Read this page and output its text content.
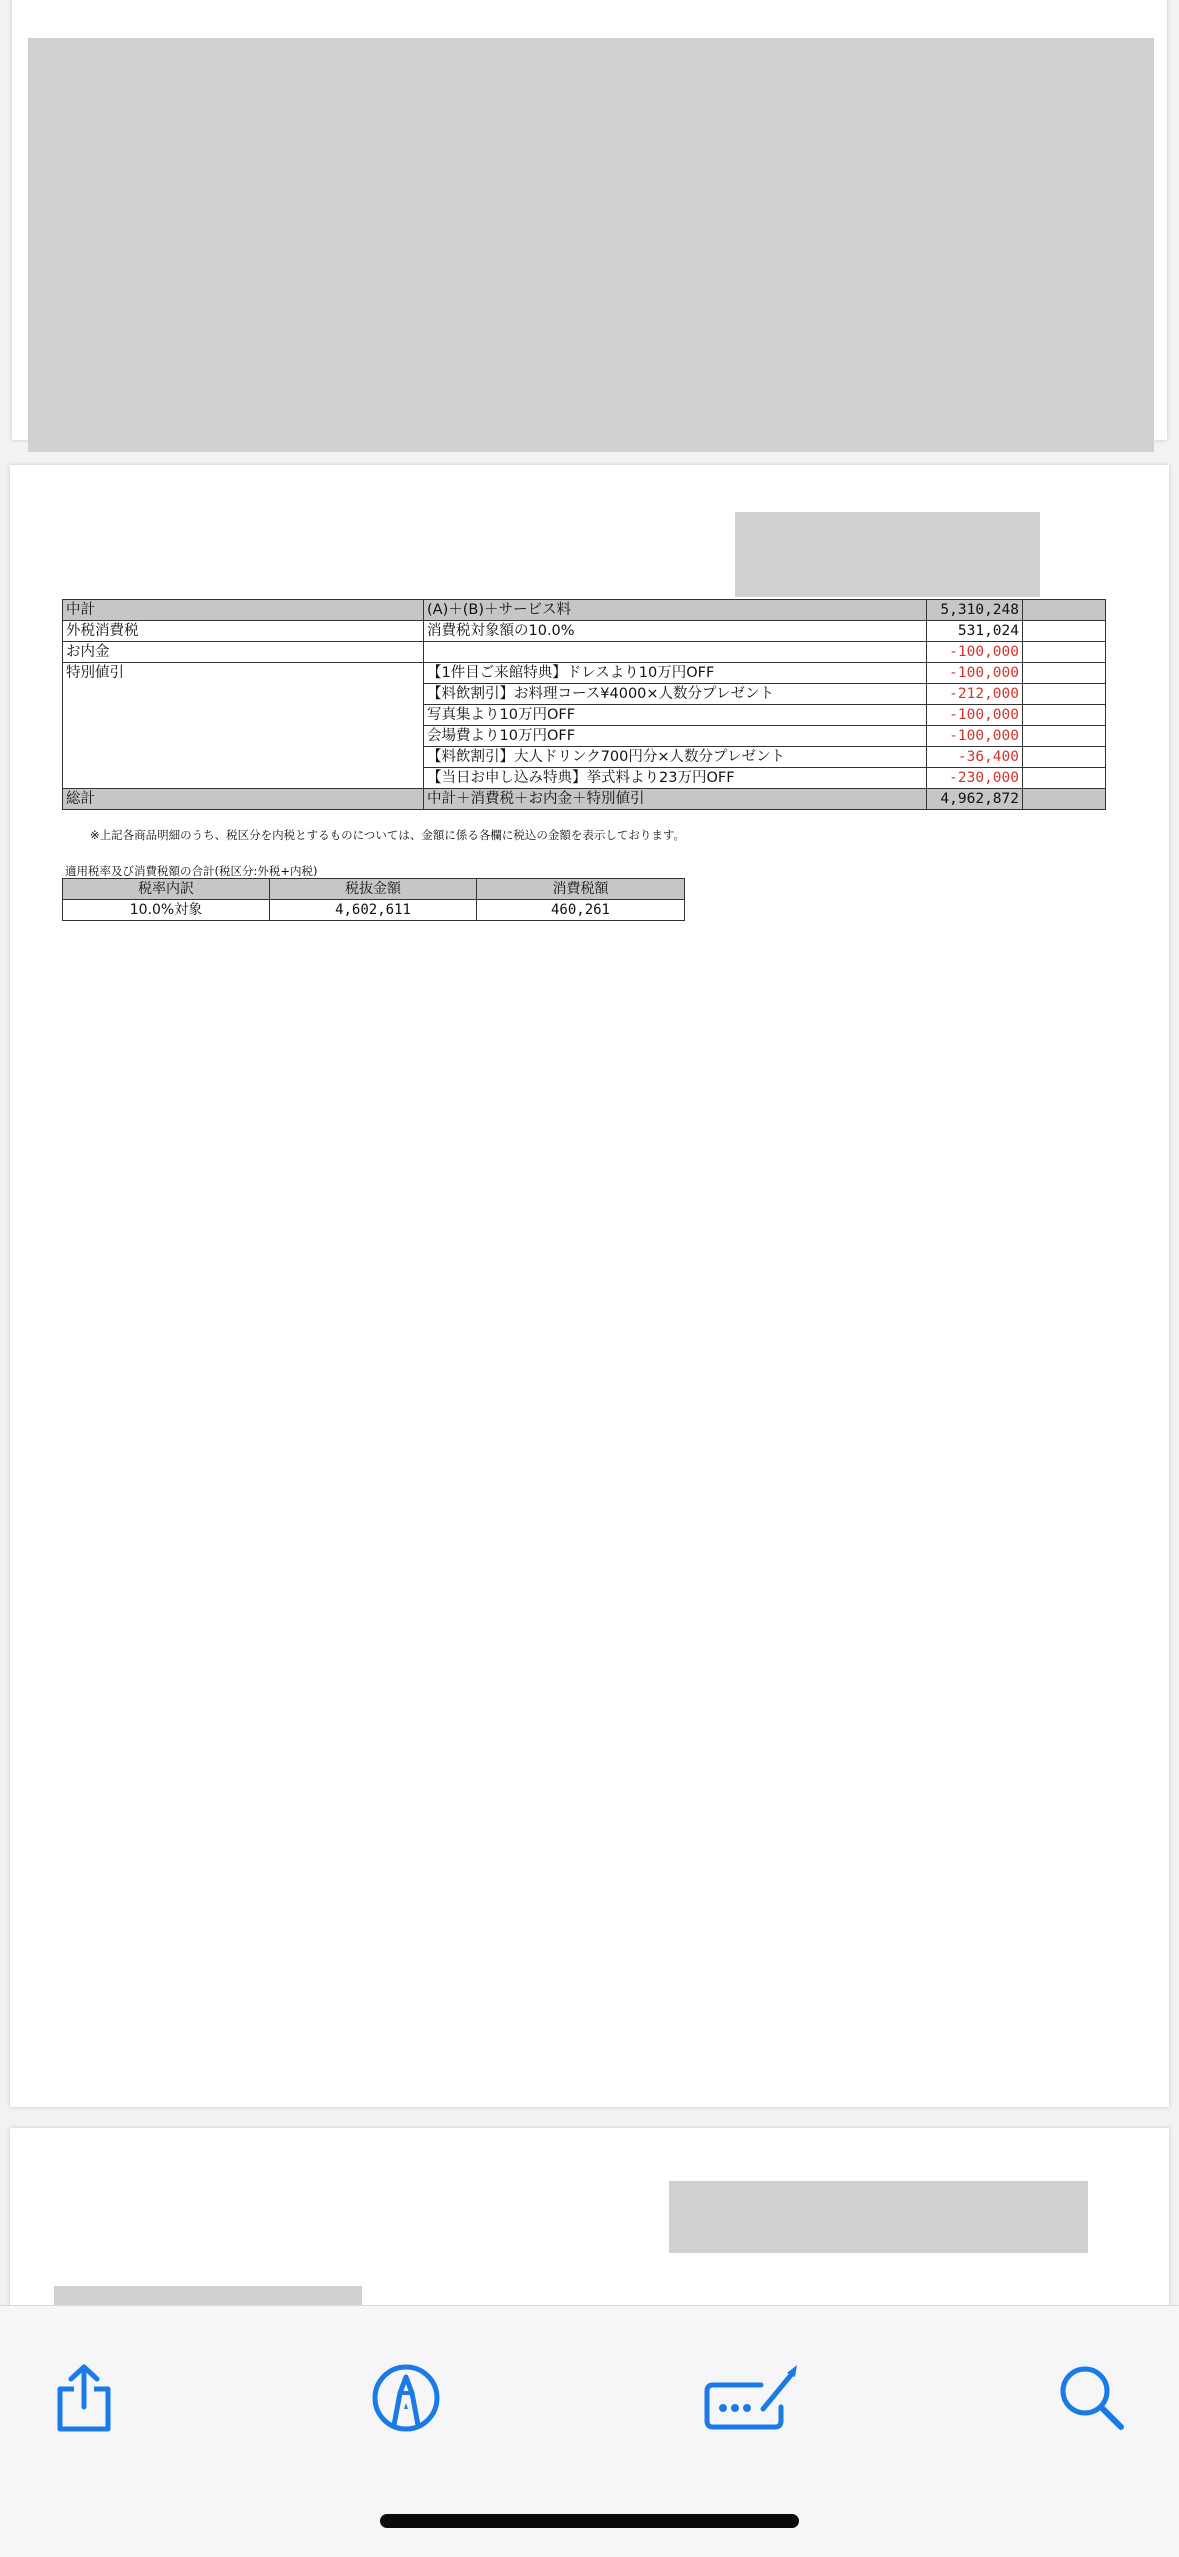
中計	(A)＋(B)＋サービス料	5,310,248	
外税消費税	消費税対象額の10.0%	531,024	
お内金		-100,000	
特別値引	【1件目ご来館特典】ドレスより10万円OFF	-100,000	
	【料飲割引】お料理コース¥4000×人数分プレゼント	-212,000	
	写真集より10万円OFF	-100,000	
	会場費より10万円OFF	-100,000	
	【料飲割引】大人ドリンク700円分×人数分プレゼント	-36,400	
	【当日お申し込み特典】挙式料より23万円OFF	-230,000	
総計	中計＋消費税＋お内金＋特別値引	4,962,872	
※上記各商品明細のうち、税区分を内税とするものについては、金額に係る各欄に税込の金額を表示しております。
適用税率及び消費税額の合計(税区分:外税+内税)
税率内訳	税抜金額	消費税額
10.0%対象	4,602,611	460,261
